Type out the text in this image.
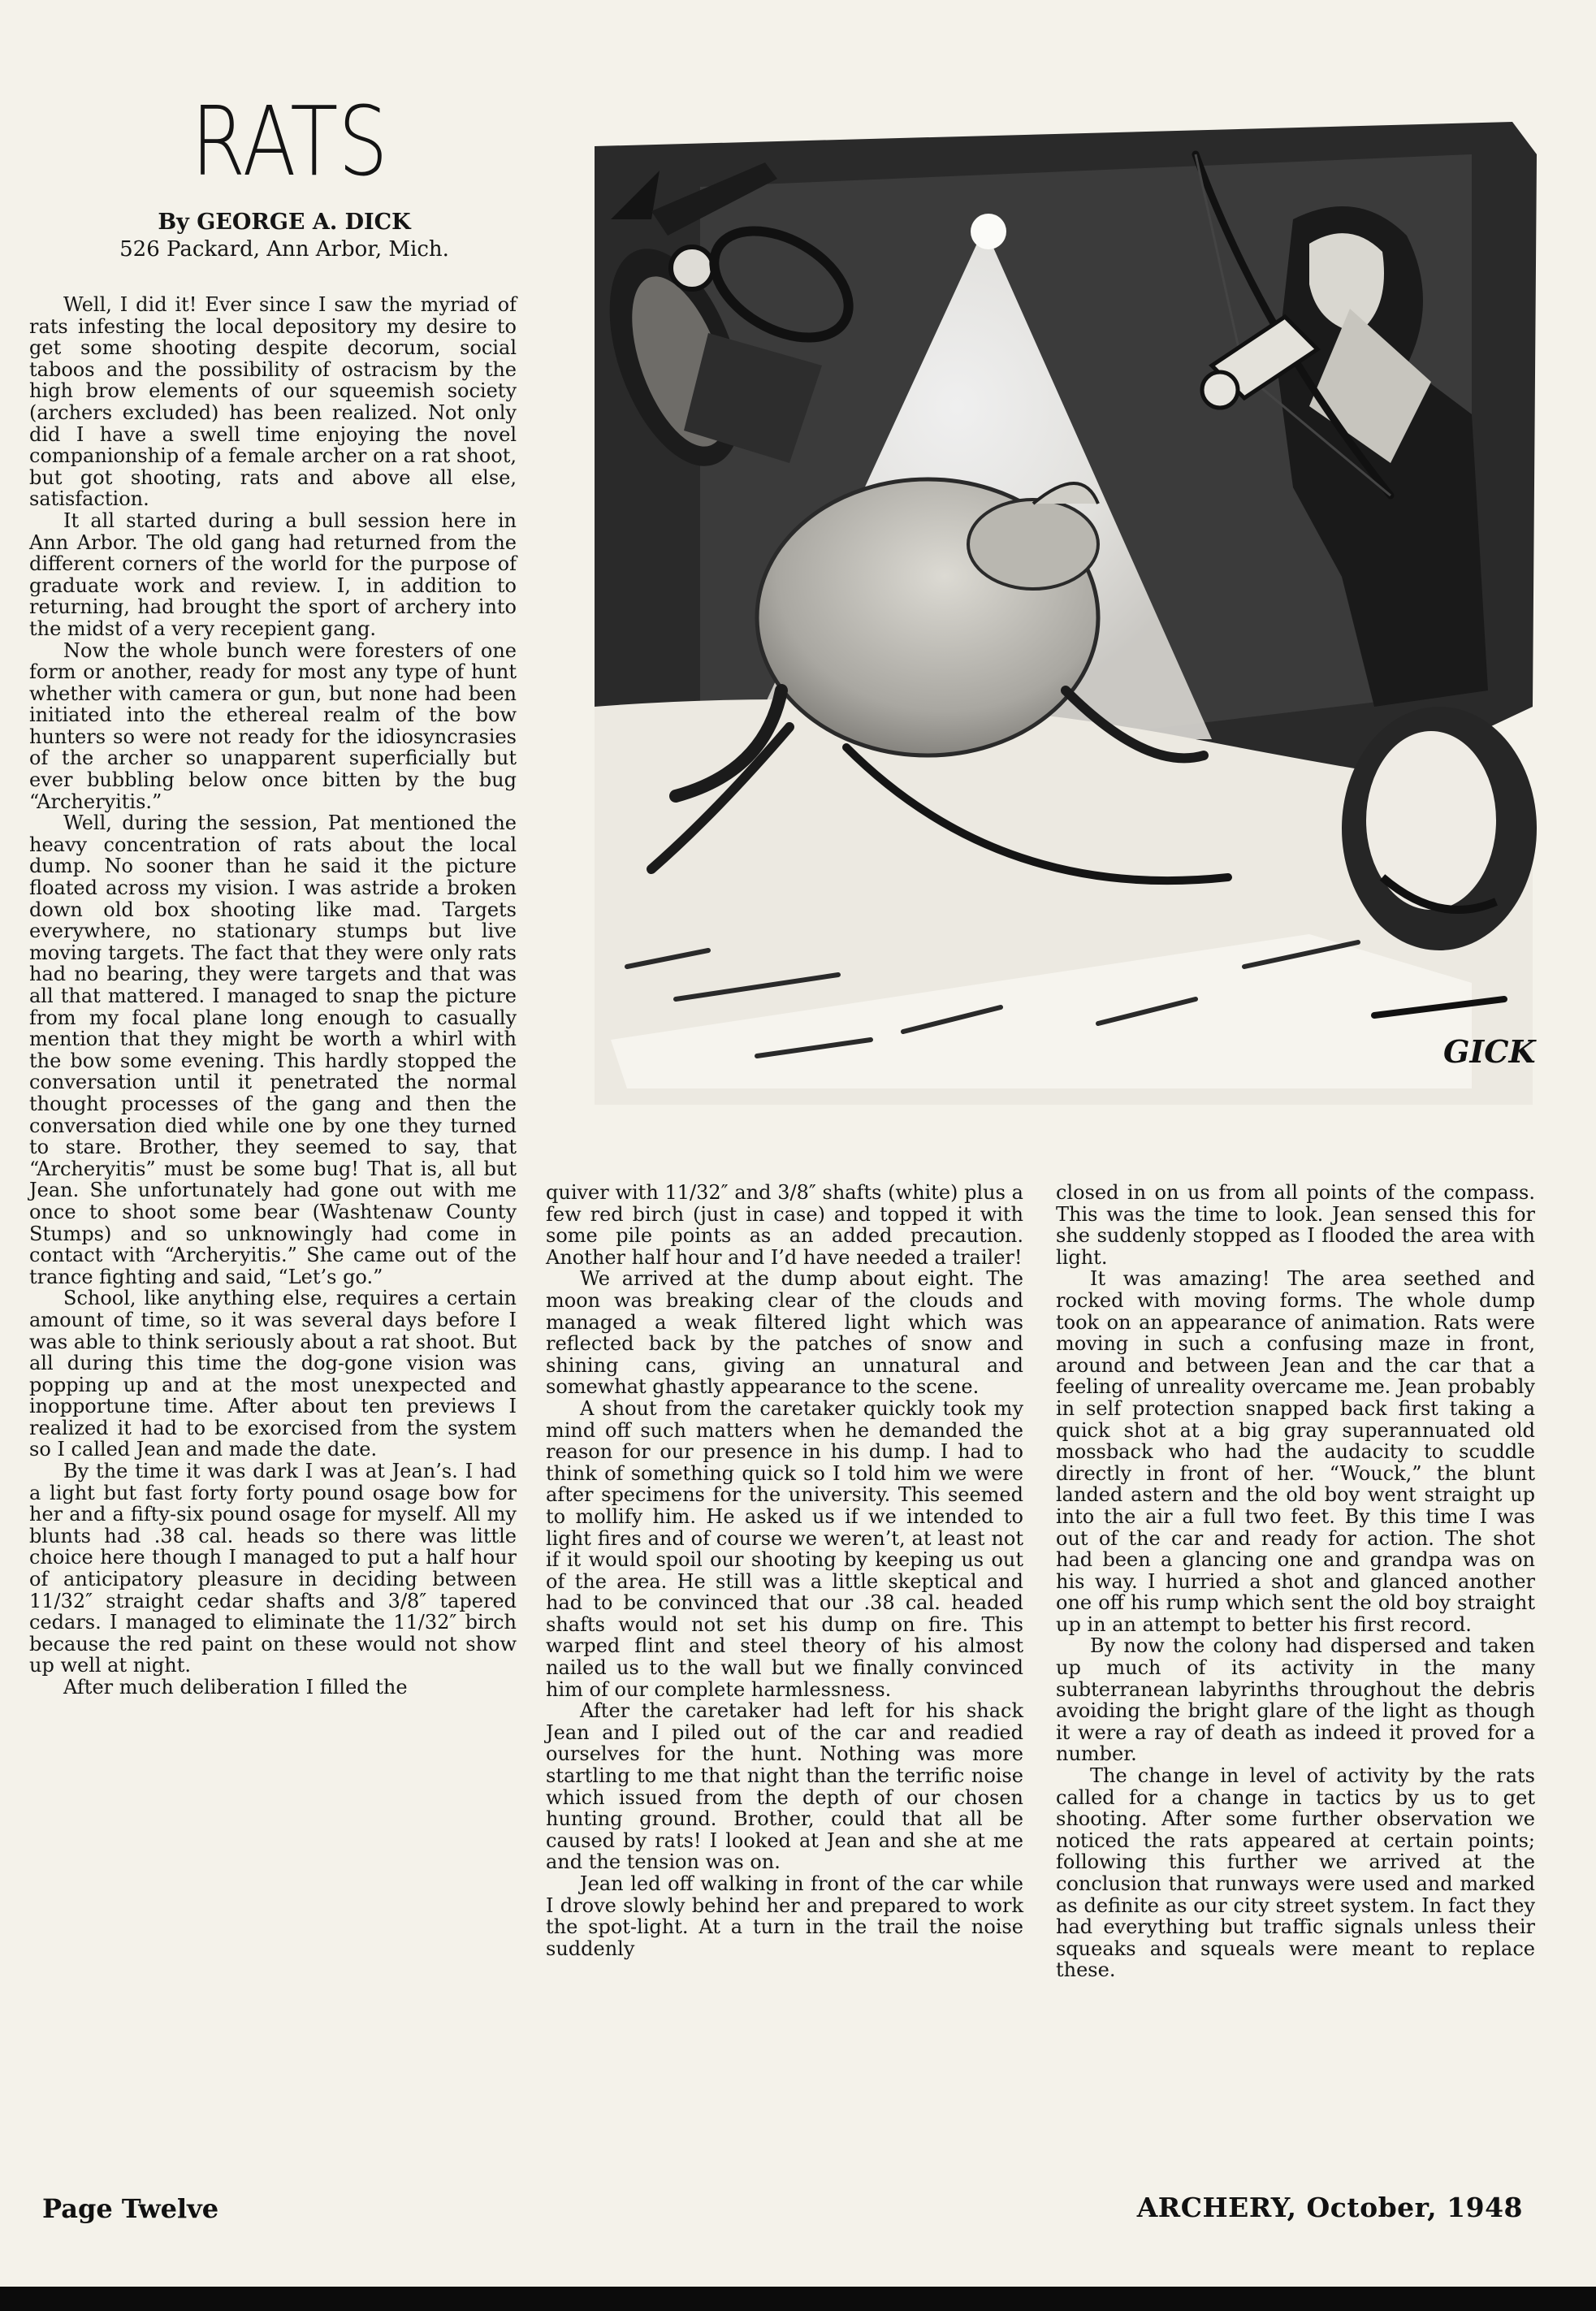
RATS
By GEORGE A. DICK
526 Packard, Ann Arbor, Mich.
GICK

Well, I did it! Ever since I saw the myriad of rats infesting the local depository my desire to get some shooting despite decorum, social taboos and the possibility of ostracism by the high brow elements of our squeemish society (archers excluded) has been realized. Not only did I have a swell time enjoying the novel companionship of a female archer on a rat shoot, but got shooting, rats and above all else, satisfaction.

It all started during a bull session here in Ann Arbor. The old gang had returned from the different corners of the world for the purpose of graduate work and review. I, in addition to returning, had brought the sport of archery into the midst of a very recepient gang.

Now the whole bunch were foresters of one form or another, ready for most any type of hunt whether with camera or gun, but none had been initiated into the ethereal realm of the bow hunters so were not ready for the idiosyncrasies of the archer so unapparent superficially but ever bubbling below once bitten by the bug “Archeryitis.”

Well, during the session, Pat mentioned the heavy concentration of rats about the local dump. No sooner than he said it the picture floated across my vision. I was astride a broken down old box shooting like mad. Targets everywhere, no stationary stumps but live moving targets. The fact that they were only rats had no bearing, they were targets and that was all that mattered. I managed to snap the picture from my focal plane long enough to casually mention that they might be worth a whirl with the bow some evening. This hardly stopped the conversation until it penetrated the normal thought processes of the gang and then the conversation died while one by one they turned to stare. Brother, they seemed to say, that “Archeryitis” must be some bug! That is, all but Jean. She unfortunately had gone out with me once to shoot some bear (Washtenaw County Stumps) and so unknowingly had come in contact with “Archeryitis.” She came out of the trance fighting and said, “Let’s go.”

School, like anything else, requires a certain amount of time, so it was several days before I was able to think seriously about a rat shoot. But all during this time the dog-gone vision was popping up and at the most unexpected and inopportune time. After about ten previews I realized it had to be exorcised from the system so I called Jean and made the date.

By the time it was dark I was at Jean’s. I had a light but fast forty forty pound osage bow for her and a fifty-six pound osage for myself. All my blunts had .38 cal. heads so there was little choice here though I managed to put a half hour of anticipatory pleasure in deciding between 11/32″ straight cedar shafts and 3/8″ tapered cedars. I managed to eliminate the 11/32″ birch because the red paint on these would not show up well at night.

After much deliberation I filled the

quiver with 11/32″ and 3/8″ shafts (white) plus a few red birch (just in case) and topped it with some pile points as an added precaution. Another half hour and I’d have needed a trailer!

We arrived at the dump about eight. The moon was breaking clear of the clouds and managed a weak filtered light which was reflected back by the patches of snow and shining cans, giving an unnatural and somewhat ghastly appearance to the scene.

A shout from the caretaker quickly took my mind off such matters when he demanded the reason for our presence in his dump. I had to think of something quick so I told him we were after specimens for the university. This seemed to mollify him. He asked us if we intended to light fires and of course we weren’t, at least not if it would spoil our shooting by keeping us out of the area. He still was a little skeptical and had to be convinced that our .38 cal. headed shafts would not set his dump on fire. This warped flint and steel theory of his almost nailed us to the wall but we finally convinced him of our complete harmlessness.

After the caretaker had left for his shack Jean and I piled out of the car and readied ourselves for the hunt. Nothing was more startling to me that night than the terrific noise which issued from the depth of our chosen hunting ground. Brother, could that all be caused by rats! I looked at Jean and she at me and the tension was on.

Jean led off walking in front of the car while I drove slowly behind her and prepared to work the spot-light. At a turn in the trail the noise suddenly

closed in on us from all points of the compass. This was the time to look. Jean sensed this for she suddenly stopped as I flooded the area with light.

It was amazing! The area seethed and rocked with moving forms. The whole dump took on an appearance of animation. Rats were moving in such a confusing maze in front, around and between Jean and the car that a feeling of unreality overcame me. Jean probably in self protection snapped back first taking a quick shot at a big gray superannuated old mossback who had the audacity to scuddle directly in front of her. “Wouck,” the blunt landed astern and the old boy went straight up into the air a full two feet. By this time I was out of the car and ready for action. The shot had been a glancing one and grandpa was on his way. I hurried a shot and glanced another one off his rump which sent the old boy straight up in an attempt to better his first record.

By now the colony had dispersed and taken up much of its activity in the many subterranean labyrinths throughout the debris avoiding the bright glare of the light as though it were a ray of death as indeed it proved for a number.

The change in level of activity by the rats called for a change in tactics by us to get shooting. After some further observation we noticed the rats appeared at certain points; following this further we arrived at the conclusion that runways were used and marked as definite as our city street system. In fact they had everything but traffic signals unless their squeaks and squeals were meant to replace these.

Page Twelve	ARCHERY, October, 1948
